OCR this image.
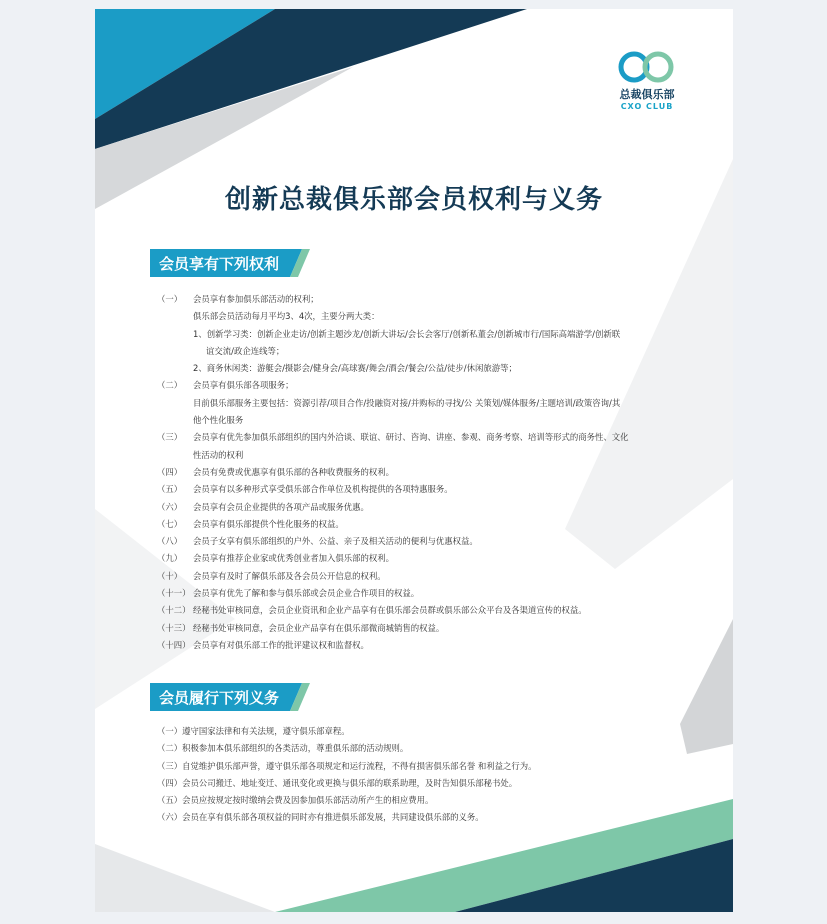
总裁俱乐部
CXO CLUB
创新总裁俱乐部会员权利与义务
会员享有下列权利
（一）	会员享有参加俱乐部活动的权利；
俱乐部会员活动每月平均3、4次，主要分两大类：
1、创新学习类：创新企业走访/创新主题沙龙/创新大讲坛/会长会客厅/创新私董会/创新城市行/国际高端游学/创新联
谊交流/政企连线等；
2、商务休闲类：游艇会/摄影会/健身会/高球赛/舞会/酒会/餐会/公益/徒步/休闲旅游等；
（二）	会员享有俱乐部各项服务；
目前俱乐部服务主要包括：资源引荐/项目合作/投融资对接/并购标的寻找/公 关策划/媒体服务/主题培训/政策咨询/其
他个性化服务
（三）	会员享有优先参加俱乐部组织的国内外洽谈、联谊、研讨、咨询、讲座、参观、商务考察、培训等形式的商务性、文化
性活动的权利
（四）	会员有免费或优惠享有俱乐部的各种收费服务的权利。
（五）	会员享有以多种形式享受俱乐部合作单位及机构提供的各项特惠服务。
（六）	会员享有会员企业提供的各项产品或服务优惠。
（七）	会员享有俱乐部提供个性化服务的权益。
（八）	会员子女享有俱乐部组织的户外、公益、亲子及相关活动的便利与优惠权益。
（九）	会员享有推荐企业家或优秀创业者加入俱乐部的权利。
（十）	会员享有及时了解俱乐部及各会员公开信息的权利。
（十一） 会员享有优先了解和参与俱乐部或会员企业合作项目的权益。
（十二） 经秘书处审核同意，会员企业资讯和企业产品享有在俱乐部会员群或俱乐部公众平台及各渠道宣传的权益。
（十三） 经秘书处审核同意，会员企业产品享有在俱乐部微商城销售的权益。
（十四） 会员享有对俱乐部工作的批评建议权和监督权。
会员履行下列义务
（一）遵守国家法律和有关法规，遵守俱乐部章程。
（二）积极参加本俱乐部组织的各类活动，尊重俱乐部的活动规则。
（三）自觉维护俱乐部声誉，遵守俱乐部各项规定和运行流程，不得有损害俱乐部名誉 和利益之行为。
（四）会员公司搬迁、地址变迁、通讯变化或更换与俱乐部的联系助理，及时告知俱乐部秘书处。
（五）会员应按规定按时缴纳会费及因参加俱乐部活动所产生的相应费用。
（六）会员在享有俱乐部各项权益的同时亦有推进俱乐部发展，共同建设俱乐部的义务。
